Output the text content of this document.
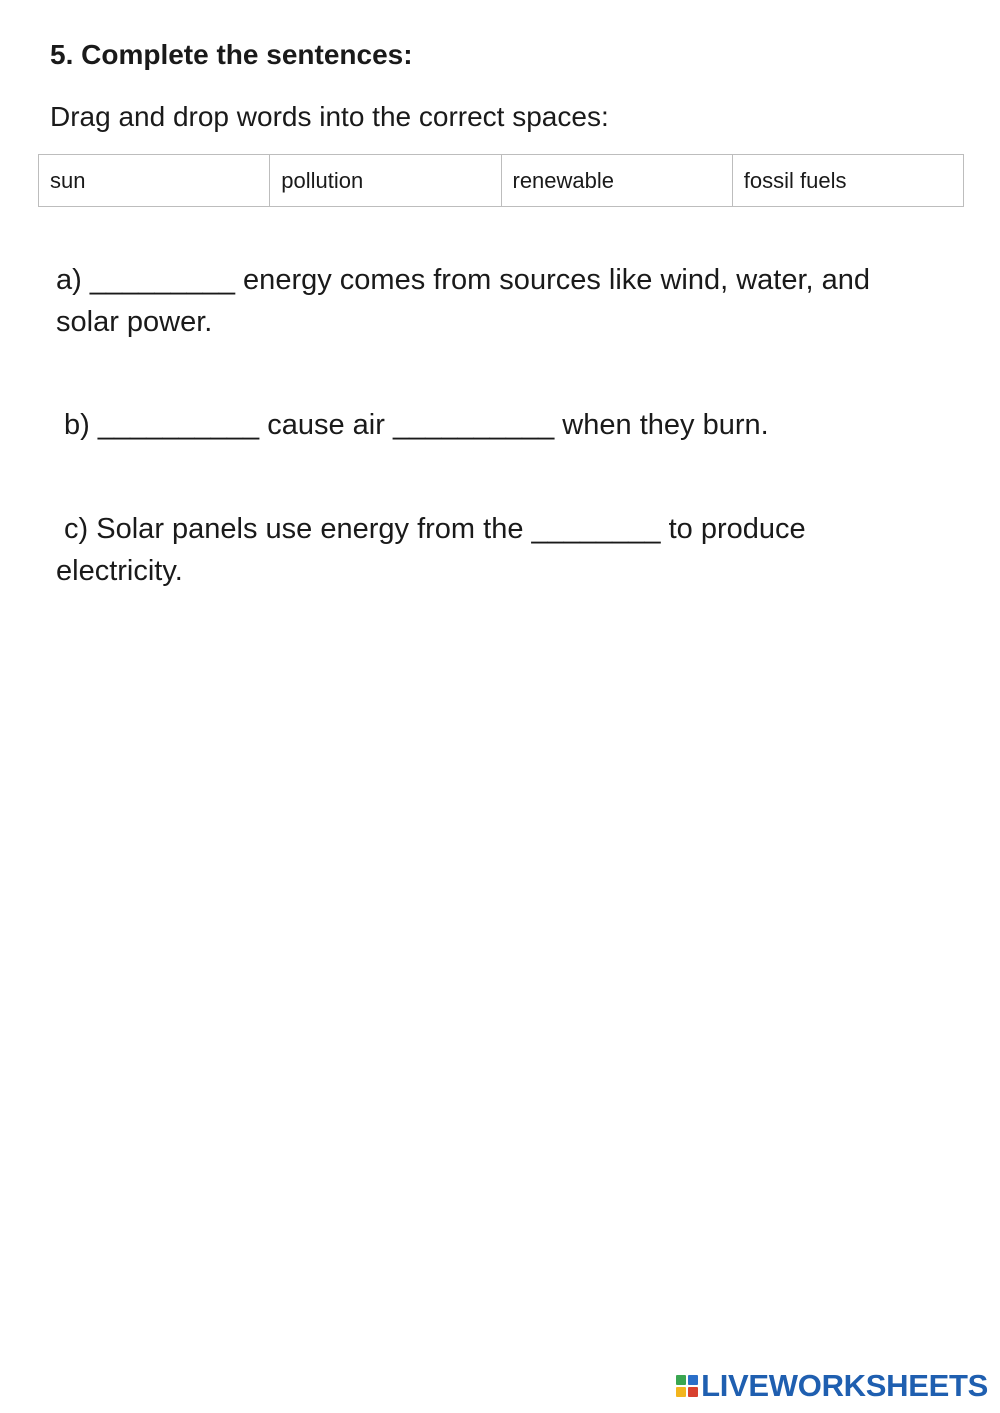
5. Complete the sentences:

Drag and drop words into the correct spaces:

sun	pollution	renewable	fossil fuels
a) _________ energy comes from sources like wind, water, and
solar power.
b) __________ cause air __________ when they burn.
c) Solar panels use energy from the ________ to produce
electricity.
LIVEWORKSHEETS
